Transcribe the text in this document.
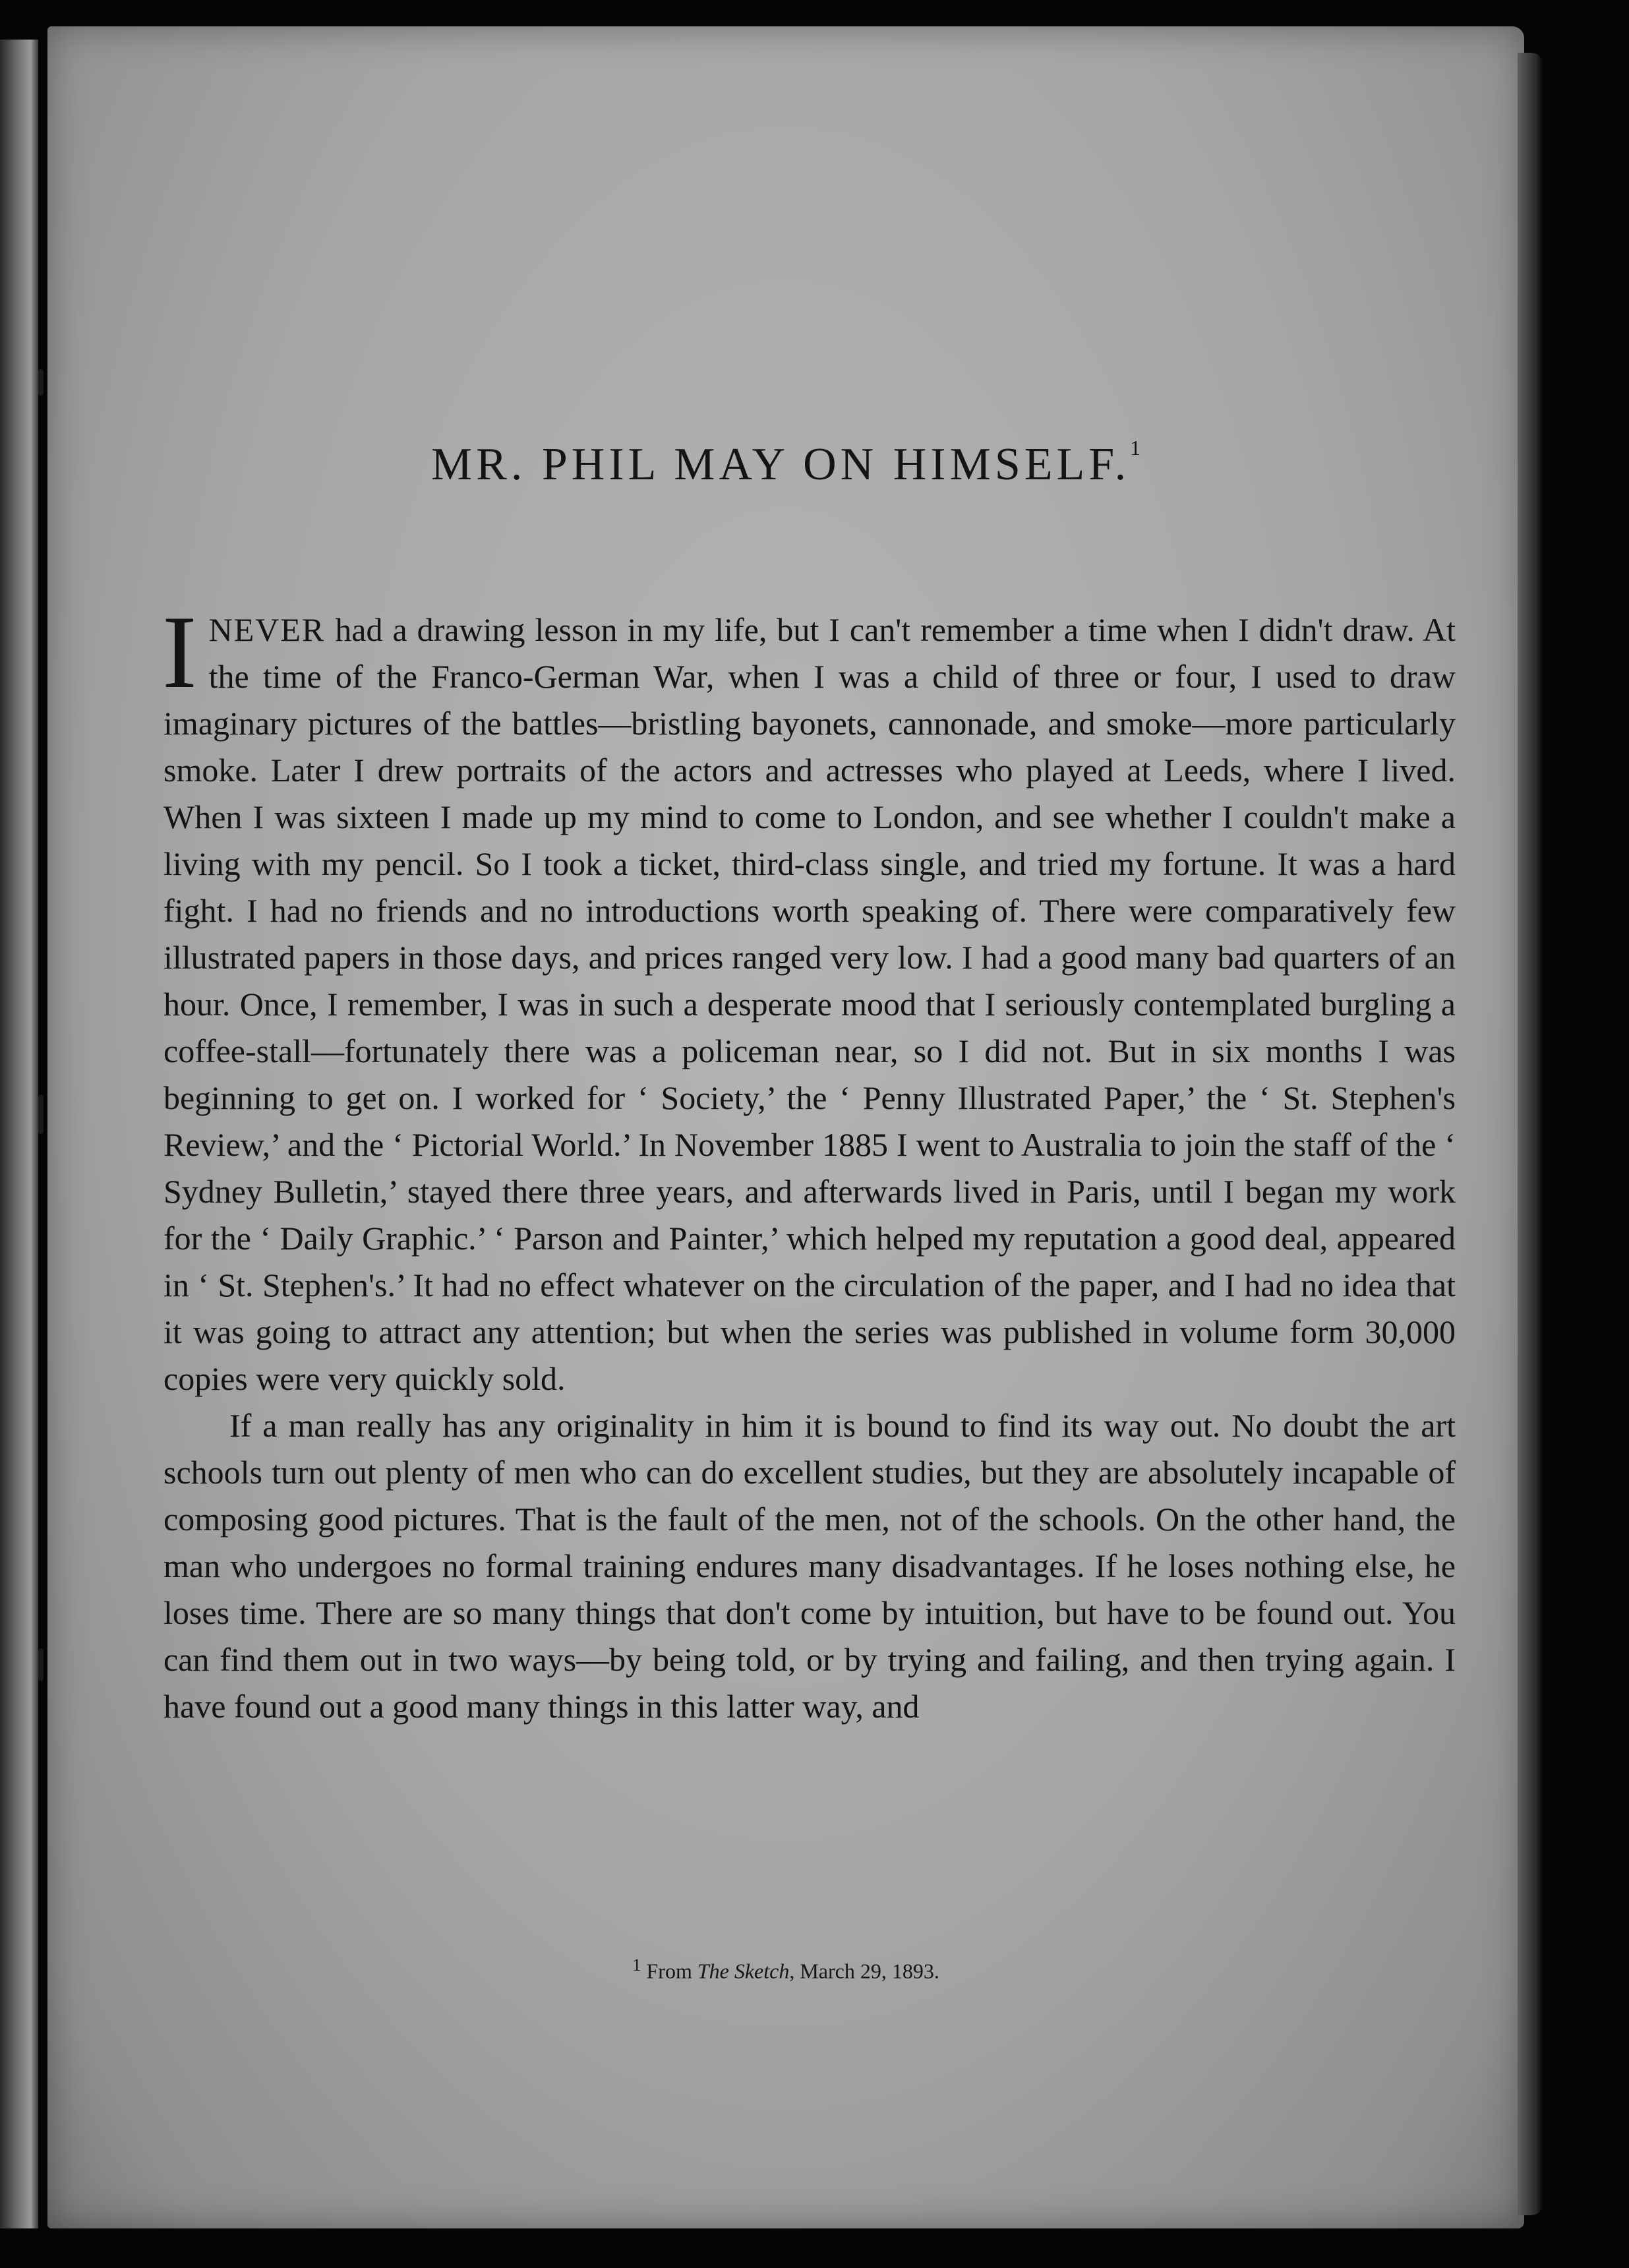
MR. PHIL MAY ON HIMSELF.$^1$

INEVER had a drawing lesson in my life, but I can't remember a time when I didn't draw. At the time of the Franco-German War, when I was a child of three or four, I used to draw imaginary pictures of the battles—bristling bayonets, cannonade, and smoke—more particularly smoke. Later I drew portraits of the actors and actresses who played at Leeds, where I lived. When I was sixteen I made up my mind to come to London, and see whether I couldn't make a living with my pencil. So I took a ticket, third-class single, and tried my fortune. It was a hard fight. I had no friends and no introductions worth speaking of. There were comparatively few illustrated papers in those days, and prices ranged very low. I had a good many bad quarters of an hour. Once, I remember, I was in such a desperate mood that I seriously contemplated burgling a coffee-stall—fortunately there was a policeman near, so I did not. But in six months I was beginning to get on. I worked for ‘ Society,’ the ‘ Penny Illustrated Paper,’ the ‘ St. Stephen's Review,’ and the ‘ Pictorial World.’ In November 1885 I went to Australia to join the staff of the ‘ Sydney Bulletin,’ stayed there three years, and afterwards lived in Paris, until I began my work for the ‘ Daily Graphic.’ ‘ Parson and Painter,’ which helped my reputation a good deal, appeared in ‘ St. Stephen's.’ It had no effect whatever on the circulation of the paper, and I had no idea that it was going to attract any attention; but when the series was published in volume form 30,000 copies were very quickly sold.

If a man really has any originality in him it is bound to find its way out. No doubt the art schools turn out plenty of men who can do excellent studies, but they are absolutely incapable of composing good pictures. That is the fault of the men, not of the schools. On the other hand, the man who undergoes no formal training endures many disadvantages. If he loses nothing else, he loses time. There are so many things that don't come by intuition, but have to be found out. You can find them out in two ways—by being told, or by trying and failing, and then trying again. I have found out a good many things in this latter way, and

$^1$ From The Sketch, March 29, 1893.
